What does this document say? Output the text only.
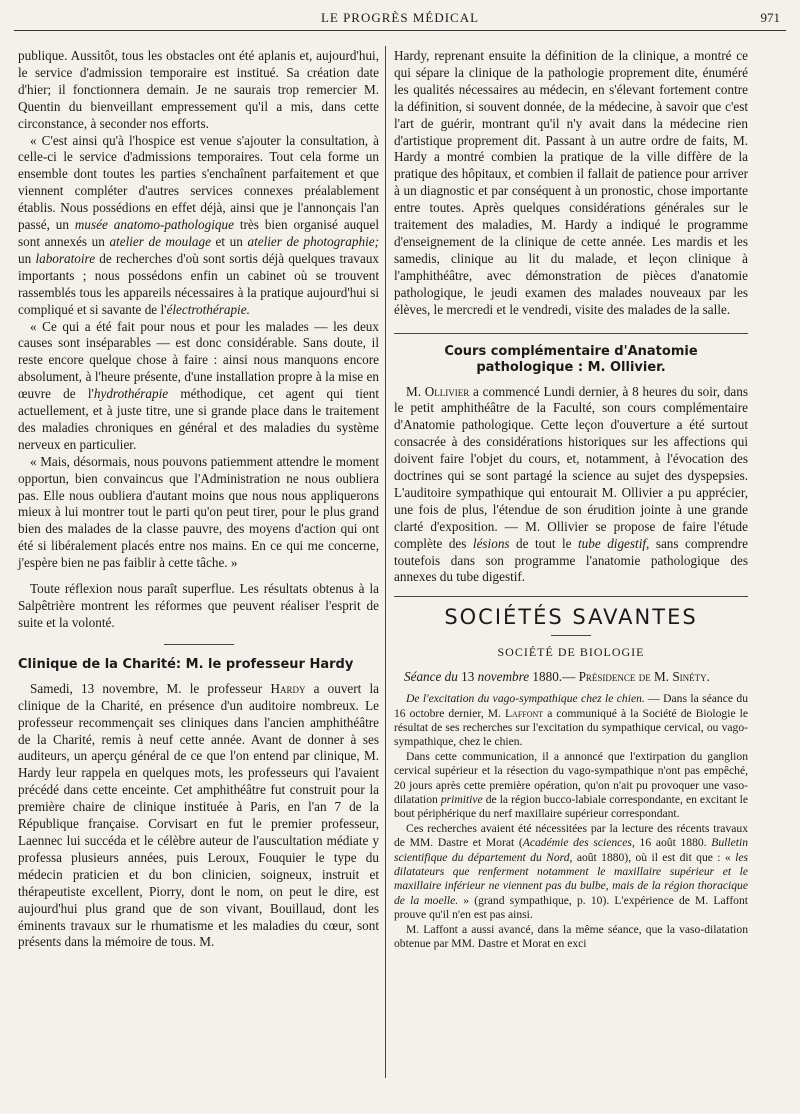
LE PROGRÈS MÉDICAL	971

publique. Aussitôt, tous les obstacles ont été aplanis et, aujourd'hui, le service d'admission temporaire est institué. Sa création date d'hier; il fonctionnera demain. Je ne saurais trop remercier M. Quentin du bienveillant empressement qu'il a mis, dans cette circonstance, à seconder nos efforts.

« C'est ainsi qu'à l'hospice est venue s'ajouter la consultation, à celle-ci le service d'admissions temporaires. Tout cela forme un ensemble dont toutes les parties s'enchaînent parfaitement et que viennent compléter d'autres services connexes préalablement établis. Nous possédions en effet déjà, ainsi que je l'annonçais l'an passé, un musée anatomo-pathologique très bien organisé auquel sont annexés un atelier de moulage et un atelier de photographie; un laboratoire de recherches d'où sont sortis déjà quelques travaux importants ; nous possédons enfin un cabinet où se trouvent rassemblés tous les appareils nécessaires à la pratique aujourd'hui si compliqué et si savante de l'électrothérapie.

« Ce qui a été fait pour nous et pour les malades — les deux causes sont inséparables — est donc considérable. Sans doute, il reste encore quelque chose à faire : ainsi nous manquons encore absolument, à l'heure présente, d'une installation propre à la mise en œuvre de l'hydrothérapie méthodique, cet agent qui tient actuellement, et à juste titre, une si grande place dans le traitement des maladies chroniques en général et des maladies du système nerveux en particulier.

« Mais, désormais, nous pouvons patiemment attendre le moment opportun, bien convaincus que l'Administration ne nous oubliera pas. Elle nous oubliera d'autant moins que nous nous appliquerons mieux à lui montrer tout le parti qu'on peut tirer, pour le plus grand bien des malades de la classe pauvre, des moyens d'action qui ont été si libéralement placés entre nos mains. En ce qui me concerne, j'espère bien ne pas faiblir à cette tâche. »

Toute réflexion nous paraît superflue. Les résultats obtenus à la Salpêtrière montrent les réformes que peuvent réaliser l'esprit de suite et la volonté.

Clinique de la Charité: M. le professeur Hardy

Samedi, 13 novembre, M. le professeur Hardy a ouvert la clinique de la Charité, en présence d'un auditoire nombreux. Le professeur recommençait ses cliniques dans l'ancien amphithéâtre de la Charité, remis à neuf cette année. Avant de donner à ses auditeurs, un aperçu général de ce que l'on entend par clinique, M. Hardy leur rappela en quelques mots, les professeurs qui l'avaient précédé dans cette enceinte. Cet amphithéâtre fut construit pour la première chaire de clinique instituée à Paris, en l'an 7 de la République française. Corvisart en fut le premier professeur, Laennec lui succéda et le célèbre auteur de l'auscultation médiate y professa plusieurs années, puis Leroux, Fouquier le type du médecin praticien et du bon clinicien, soigneux, instruit et thérapeutiste excellent, Piorry, dont le nom, on peut le dire, est aujourd'hui plus grand que de son vivant, Bouillaud, dont les éminents travaux sur le rhumatisme et les maladies du cœur, sont présents dans la mémoire de tous. M.

Hardy, reprenant ensuite la définition de la clinique, a montré ce qui sépare la clinique de la pathologie proprement dite, énuméré les qualités nécessaires au médecin, en s'élevant fortement contre la définition, si souvent donnée, de la médecine, à savoir que c'est l'art de guérir, montrant qu'il n'y avait dans la médecine rien d'artistique proprement dit. Passant à un autre ordre de faits, M. Hardy a montré combien la pratique de la ville diffère de la pratique des hôpitaux, et combien il fallait de patience pour arriver à un diagnostic et par conséquent à un pronostic, chose importante entre toutes. Après quelques considérations générales sur le traitement des maladies, M. Hardy a indiqué le programme d'enseignement de la clinique de cette année. Les mardis et les samedis, clinique au lit du malade, et leçon clinique à l'amphithéâtre, avec démonstration de pièces d'anatomie pathologique, le jeudi examen des malades nouveaux par les élèves, le mercredi et le vendredi, visite des malades de la salle.

Cours complémentaire d'Anatomie pathologique : M. Ollivier.

M. Ollivier a commencé Lundi dernier, à 8 heures du soir, dans le petit amphithéâtre de la Faculté, son cours complémentaire d'Anatomie pathologique. Cette leçon d'ouverture a été surtout consacrée à des considérations historiques sur les affections qui doivent faire l'objet du cours, et, notamment, à l'évocation des doctrines qui se sont partagé la science au sujet des dyspepsies. L'auditoire sympathique qui entourait M. Ollivier a pu apprécier, une fois de plus, l'étendue de son érudition jointe à une grande clarté d'exposition. — M. Ollivier se propose de faire l'étude complète des lésions de tout le tube digestif, sans comprendre toutefois dans son programme l'anatomie pathologique des annexes du tube digestif.

SOCIÉTÉS SAVANTES
SOCIÉTÉ DE BIOLOGIE

Séance du 13 novembre 1880.— Présidence de M. Sinéty.

De l'excitation du vago-sympathique chez le chien. — Dans la séance du 16 octobre dernier, M. Laffont a communiqué à la Société de Biologie le résultat de ses recherches sur l'excitation du sympathique cervical, ou vago-sympathique, chez le chien.

Dans cette communication, il a annoncé que l'extirpation du ganglion cervical supérieur et la résection du vago-sympathique n'ont pas empêché, 20 jours après cette première opération, qu'on n'ait pu provoquer une vaso-dilatation primitive de la région bucco-labiale correspondante, en excitant le bout périphérique du nerf maxillaire supérieur correspondant.

Ces recherches avaient été nécessitées par la lecture des récents travaux de MM. Dastre et Morat (Académie des sciences, 16 août 1880. Bulletin scientifique du département du Nord, août 1880), où il est dit que : « les dilatateurs que renferment notamment le maxillaire supérieur et le maxillaire inférieur ne viennent pas du bulbe, mais de la région thoracique de la moelle. » (grand sympathique, p. 10). L'expérience de M. Laffont prouve qu'il n'en est pas ainsi.

M. Laffont a aussi avancé, dans la même séance, que la vaso-dilatation obtenue par MM. Dastre et Morat en exci
